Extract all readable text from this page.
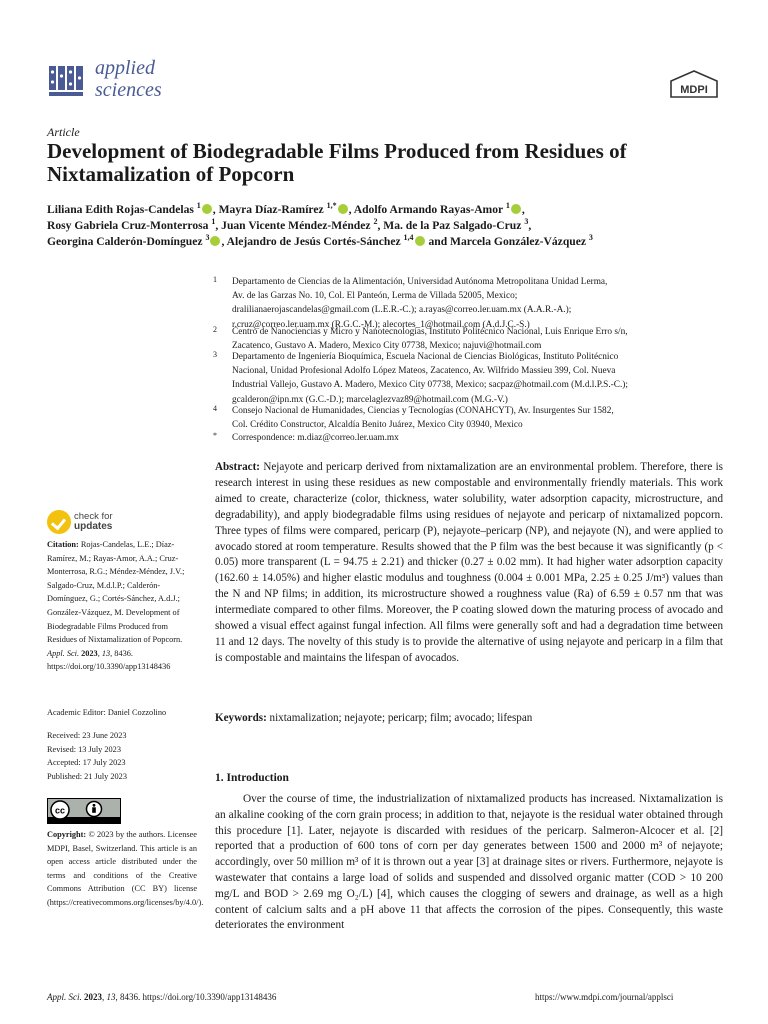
applied
sciences	MDPI
Article
Development of Biodegradable Films Produced from Residues of Nixtamalization of Popcorn
Liliana Edith Rojas-Candelas $^1$ , Mayra Díaz-Ramírez $^{1,*}$ , Adolfo Armando Rayas-Amor $^1$ ,
Rosy Gabriela Cruz-Monterrosa $^1$, Juan Vicente Méndez-Méndez $^2$, Ma. de la Paz Salgado-Cruz $^3$,
Georgina Calderón-Domínguez $^3$ , Alejandro de Jesús Cortés-Sánchez $^{1,4}$ and Marcela González-Vázquez $^3$
1 Departamento de Ciencias de la Alimentación, Universidad Autónoma Metropolitana Unidad Lerma,
Av. de las Garzas No. 10, Col. El Panteón, Lerma de Villada 52005, Mexico;
dralilianaerojascandelas@gmail.com (L.E.R.-C.); a.rayas@correo.ler.uam.mx (A.A.R.-A.);
r.cruz@correo.ler.uam.mx (R.G.C.-M.); alecortes_1@hotmail.com (A.d.J.C.-S.)
2 Centro de Nanociencias y Micro y Nanotecnologías, Instituto Politécnico Nacional, Luis Enrique Erro s/n,
Zacatenco, Gustavo A. Madero, Mexico City 07738, Mexico; najuvi@hotmail.com
3 Departamento de Ingeniería Bioquímica, Escuela Nacional de Ciencias Biológicas, Instituto Politécnico
Nacional, Unidad Profesional Adolfo López Mateos, Zacatenco, Av. Wilfrido Massieu 399, Col. Nueva
Industrial Vallejo, Gustavo A. Madero, Mexico City 07738, Mexico; sacpaz@hotmail.com (M.d.l.P.S.-C.);
gcalderon@ipn.mx (G.C.-D.); marcelaglezvaz89@hotmail.com (M.G.-V.)
4 Consejo Nacional de Humanidades, Ciencias y Tecnologías (CONAHCYT), Av. Insurgentes Sur 1582,
Col. Crédito Constructor, Alcaldía Benito Juárez, Mexico City 03940, Mexico
* Correspondence: m.diaz@correo.ler.uam.mx
Abstract: Nejayote and pericarp derived from nixtamalization are an environmental problem. Therefore, there is research interest in using these residues as new compostable and environmentally friendly materials. This work aimed to create, characterize (color, thickness, water solubility, water adsorption capacity, microstructure, and degradability), and apply biodegradable films using residues of nejayote and pericarp of nixtamalized popcorn. Three types of films were compared, pericarp (P), nejayote–pericarp (NP), and nejayote (N), and were applied to avocado stored at room temperature. Results showed that the P film was the best because it was significantly (p < 0.05) more transparent (L = 94.75 ± 2.21) and thicker (0.27 ± 0.02 mm). It had higher water adsorption capacity (162.60 ± 14.05%) and higher elastic modulus and toughness (0.004 ± 0.001 MPa, 2.25 ± 0.25 J/m³) values than the N and NP films; in addition, its microstructure showed a roughness value (Ra) of 6.59 ± 0.57 nm that was intermediate compared to other films. Moreover, the P coating slowed down the maturing process of avocado and showed a visual effect against fungal infection. All films were generally soft and had a degradation time between 11 and 12 days. The novelty of this study is to provide the alternative of using nejayote and pericarp in a film that is compostable and maintains the lifespan of avocados.
Keywords: nixtamalization; nejayote; pericarp; film; avocado; lifespan
check for
updates
Citation: Rojas-Candelas, L.E.; Díaz-Ramírez, M.; Rayas-Amor, A.A.; Cruz-Monterrosa, R.G.; Méndez-Méndez, J.V.; Salgado-Cruz, M.d.l.P.; Calderón-Domínguez, G.; Cortés-Sánchez, A.d.J.; González-Vázquez, M. Development of Biodegradable Films Produced from Residues of Nixtamalization of Popcorn. Appl. Sci. 2023, 13, 8436. https://doi.org/10.3390/app13148436
Academic Editor: Daniel Cozzolino
Received: 23 June 2023
Revised: 13 July 2023
Accepted: 17 July 2023
Published: 21 July 2023
cc
Copyright: © 2023 by the authors. Licensee MDPI, Basel, Switzerland. This article is an open access article distributed under the terms and conditions of the Creative Commons Attribution (CC BY) license (https://creativecommons.org/licenses/by/4.0/).
1. Introduction
Over the course of time, the industrialization of nixtamalized products has increased. Nixtamalization is an alkaline cooking of the corn grain process; in addition to that, nejayote is the residual water obtained through this procedure [1]. Later, nejayote is discarded with residues of the pericarp. Salmeron-Alcocer et al. [2] reported that a production of 600 tons of corn per day generates between 1500 and 2000 m³ of nejayote; accordingly, over 50 million m³ of it is thrown out a year [3] at drainage sites or rivers. Furthermore, nejayote is wastewater that contains a large load of solids and suspended and dissolved organic matter (COD > 10 200 mg/L and BOD > 2.69 mg O₂/L) [4], which causes the clogging of sewers and drainage, as well as a high content of calcium salts and a pH above 11 that affects the corrosion of the pipes. Consequently, this waste deteriorates the environment
Appl. Sci. 2023, 13, 8436. https://doi.org/10.3390/app13148436	https://www.mdpi.com/journal/applsci
